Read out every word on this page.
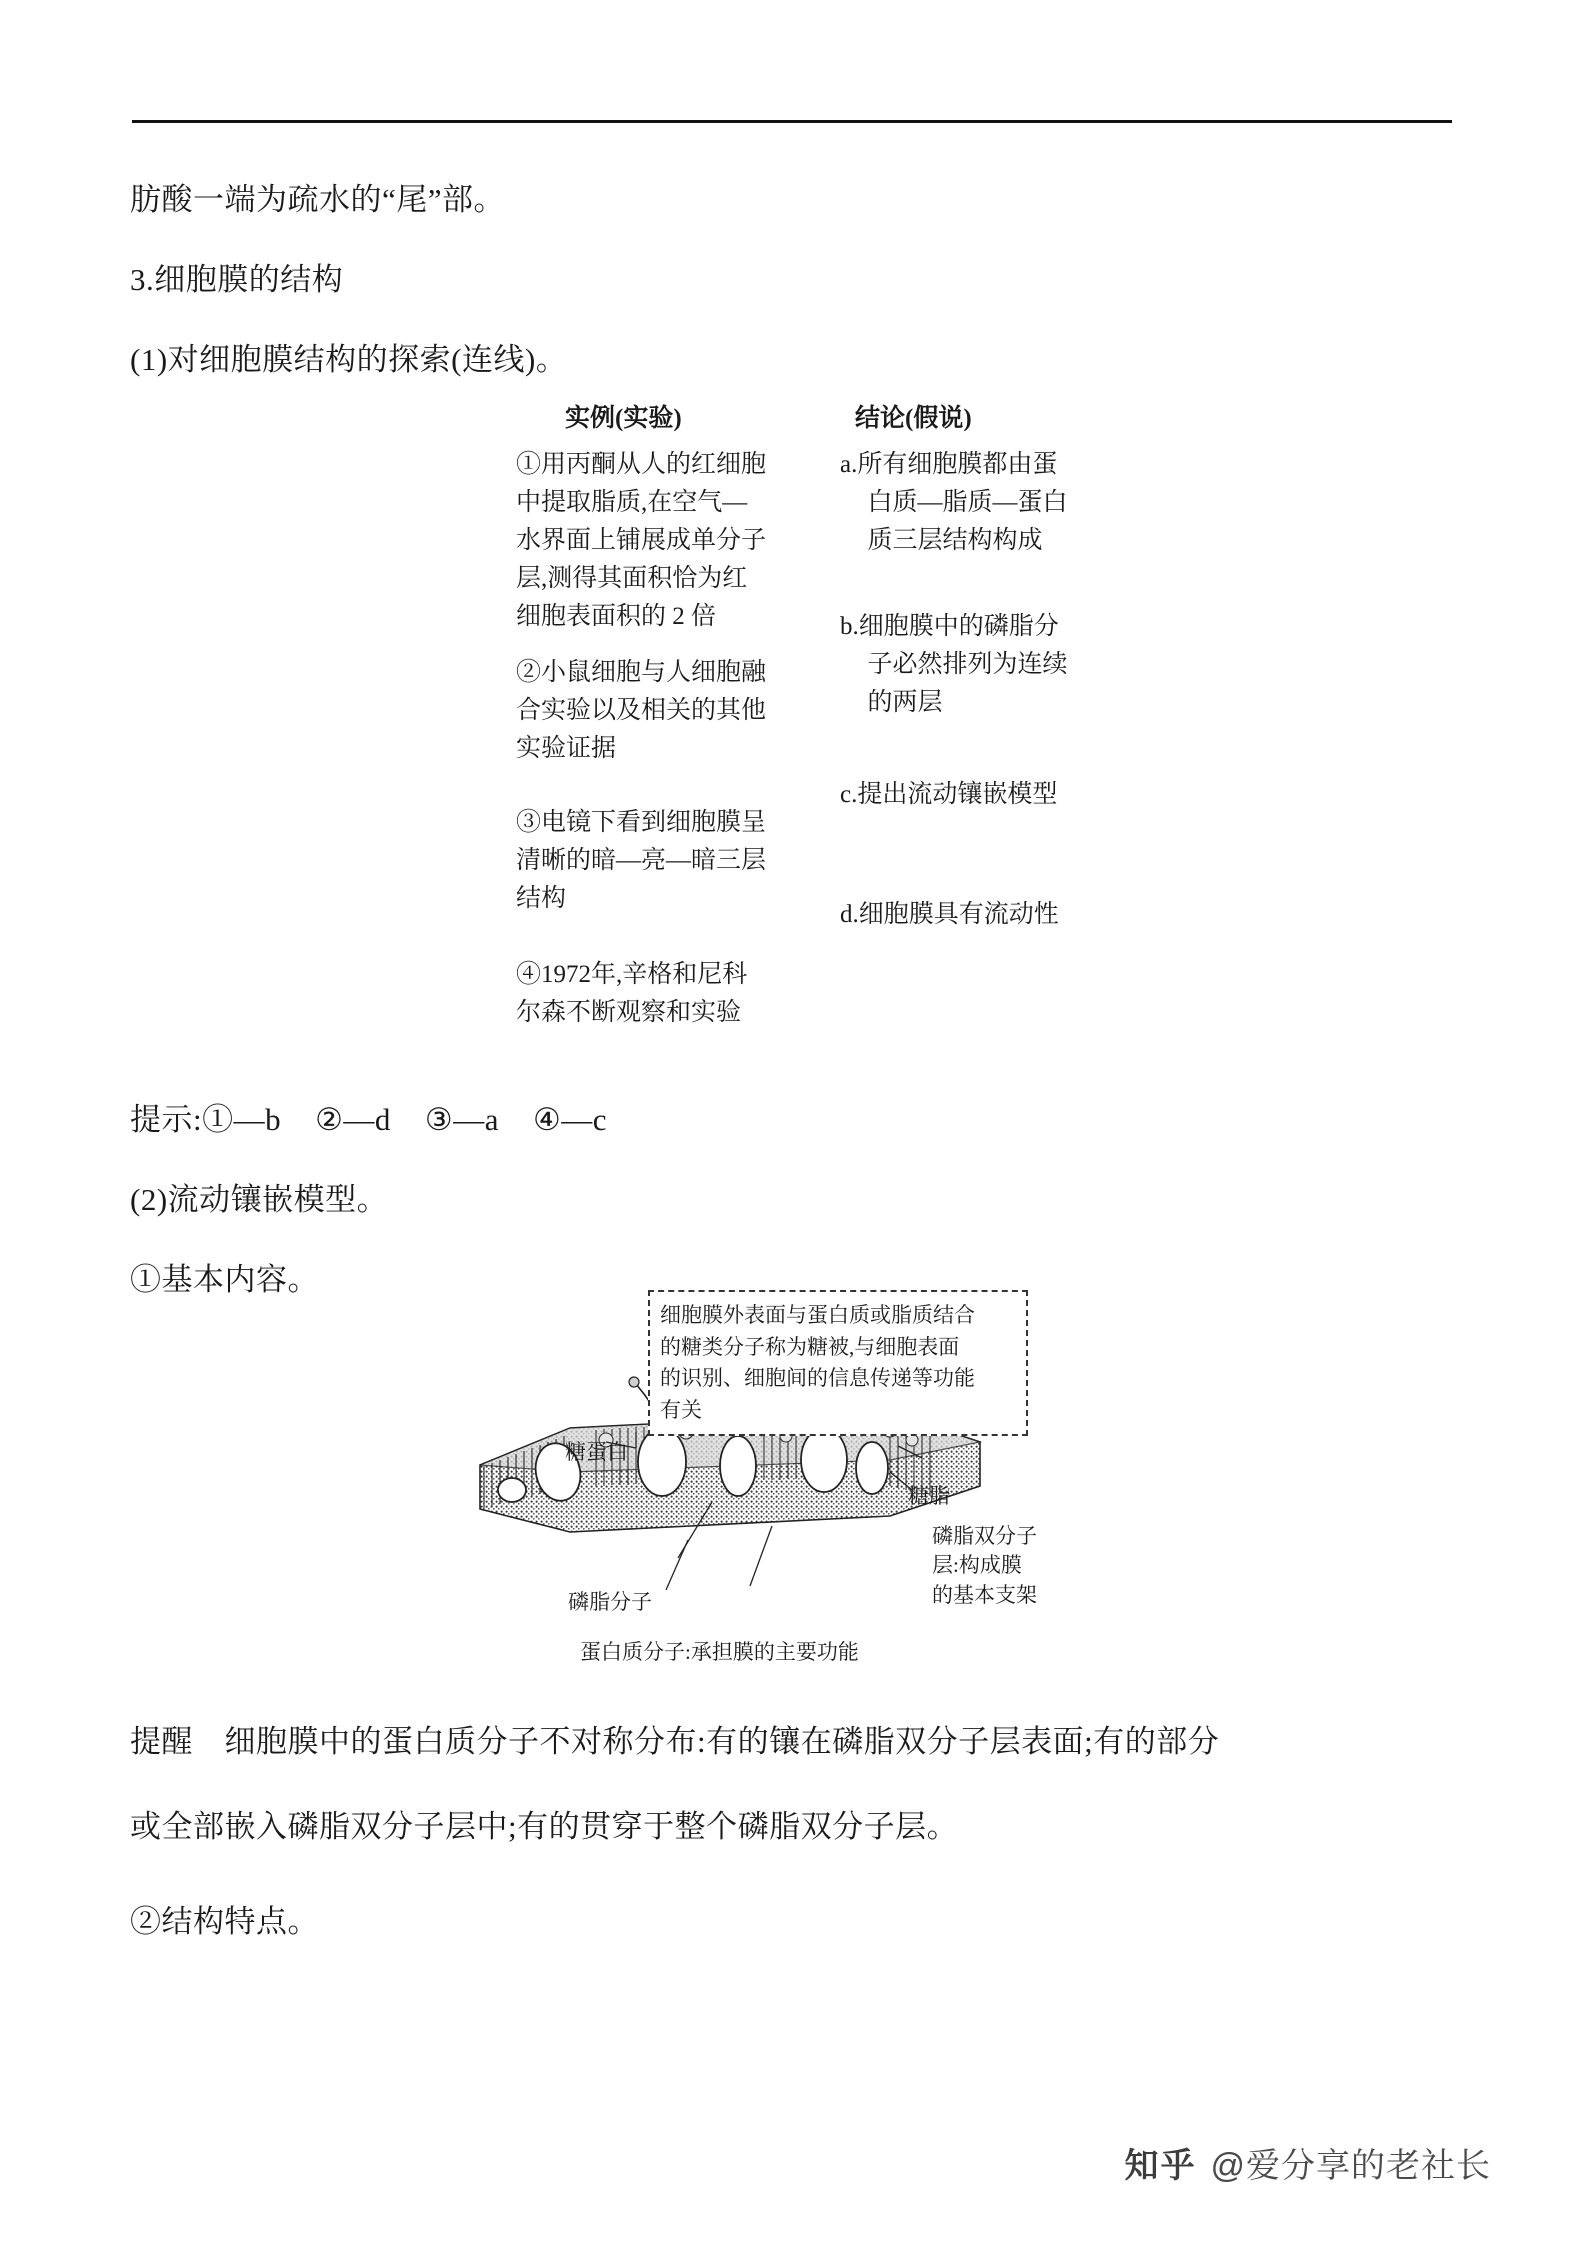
肪酸一端为疏水的“尾”部。
3.细胞膜的结构
(1)对细胞膜结构的探索(连线)。
实例(实验)	结论(假说)
①用丙酮从人的红细胞
中提取脂质,在空气—
水界面上铺展成单分子
层,测得其面积恰为红
细胞表面积的 2 倍
②小鼠细胞与人细胞融
合实验以及相关的其他
实验证据
③电镜下看到细胞膜呈
清晰的暗—亮—暗三层
结构
④1972年,辛格和尼科
尔森不断观察和实验
a.所有细胞膜都由蛋

白质—脂质—蛋白
质三层结构构成
b.细胞膜中的磷脂分

子必然排列为连续
的两层
c.提出流动镶嵌模型
d.细胞膜具有流动性
提示:①—b ②—d ③—a ④—c
(2)流动镶嵌模型。
①基本内容。
细胞膜外表面与蛋白质或脂质结合
的糖类分子称为糖被,与细胞表面
的识别、细胞间的信息传递等功能
有关
糖蛋白
糖脂
磷脂分子
蛋白质分子:承担膜的主要功能
磷脂双分子
层:构成膜
的基本支架
提醒　细胞膜中的蛋白质分子不对称分布:有的镶在磷脂双分子层表面;有的部分
或全部嵌入磷脂双分子层中;有的贯穿于整个磷脂双分子层。
②结构特点。
知乎 @爱分享的老社长
